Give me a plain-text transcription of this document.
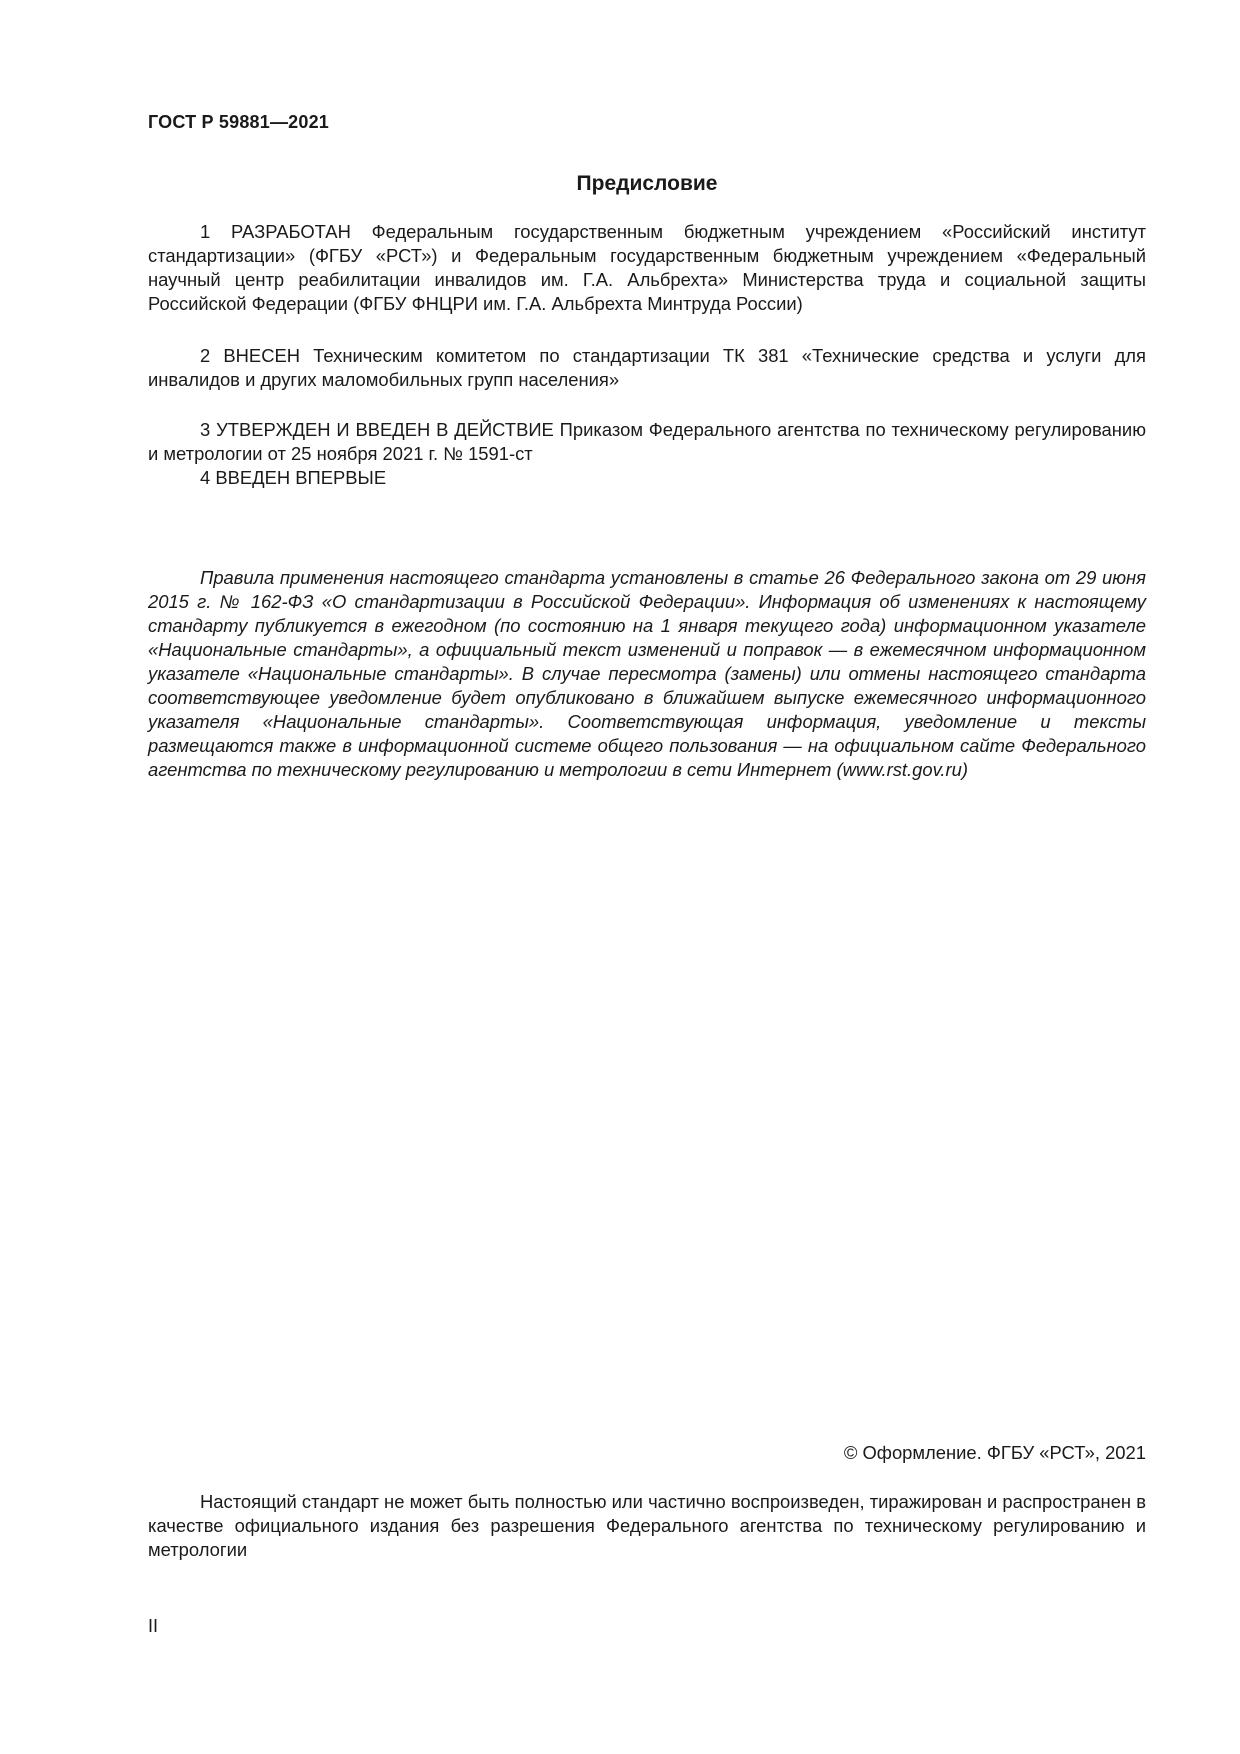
ГОСТ Р 59881—2021
Предисловие

1 РАЗРАБОТАН Федеральным государственным бюджетным учреждением «Российский институт стандартизации» (ФГБУ «РСТ») и Федеральным государственным бюджетным учреждением «Федеральный научный центр реабилитации инвалидов им. Г.А. Альбрехта» Министерства труда и социальной защиты Российской Федерации (ФГБУ ФНЦРИ им. Г.А. Альбрехта Минтруда России)

2 ВНЕСЕН Техническим комитетом по стандартизации ТК 381 «Технические средства и услуги для инвалидов и других маломобильных групп населения»

3 УТВЕРЖДЕН И ВВЕДЕН В ДЕЙСТВИЕ Приказом Федерального агентства по техническому регулированию и метрологии от 25 ноября 2021 г. № 1591-ст

4 ВВЕДЕН ВПЕРВЫЕ

Правила применения настоящего стандарта установлены в статье 26 Федерального закона от 29 июня 2015 г. № 162-ФЗ «О стандартизации в Российской Федерации». Информация об изменениях к настоящему стандарту публикуется в ежегодном (по состоянию на 1 января текущего года) информационном указателе «Национальные стандарты», а официальный текст изменений и поправок — в ежемесячном информационном указателе «Национальные стандарты». В случае пересмотра (замены) или отмены настоящего стандарта соответствующее уведомление будет опубликовано в ближайшем выпуске ежемесячного информационного указателя «Национальные стандарты». Соответствующая информация, уведомление и тексты размещаются также в информационной системе общего пользования — на официальном сайте Федерального агентства по техническому регулированию и метрологии в сети Интернет (www.rst.gov.ru)

© Оформление. ФГБУ «РСТ», 2021

Настоящий стандарт не может быть полностью или частично воспроизведен, тиражирован и распространен в качестве официального издания без разрешения Федерального агентства по техническому регулированию и метрологии

II
